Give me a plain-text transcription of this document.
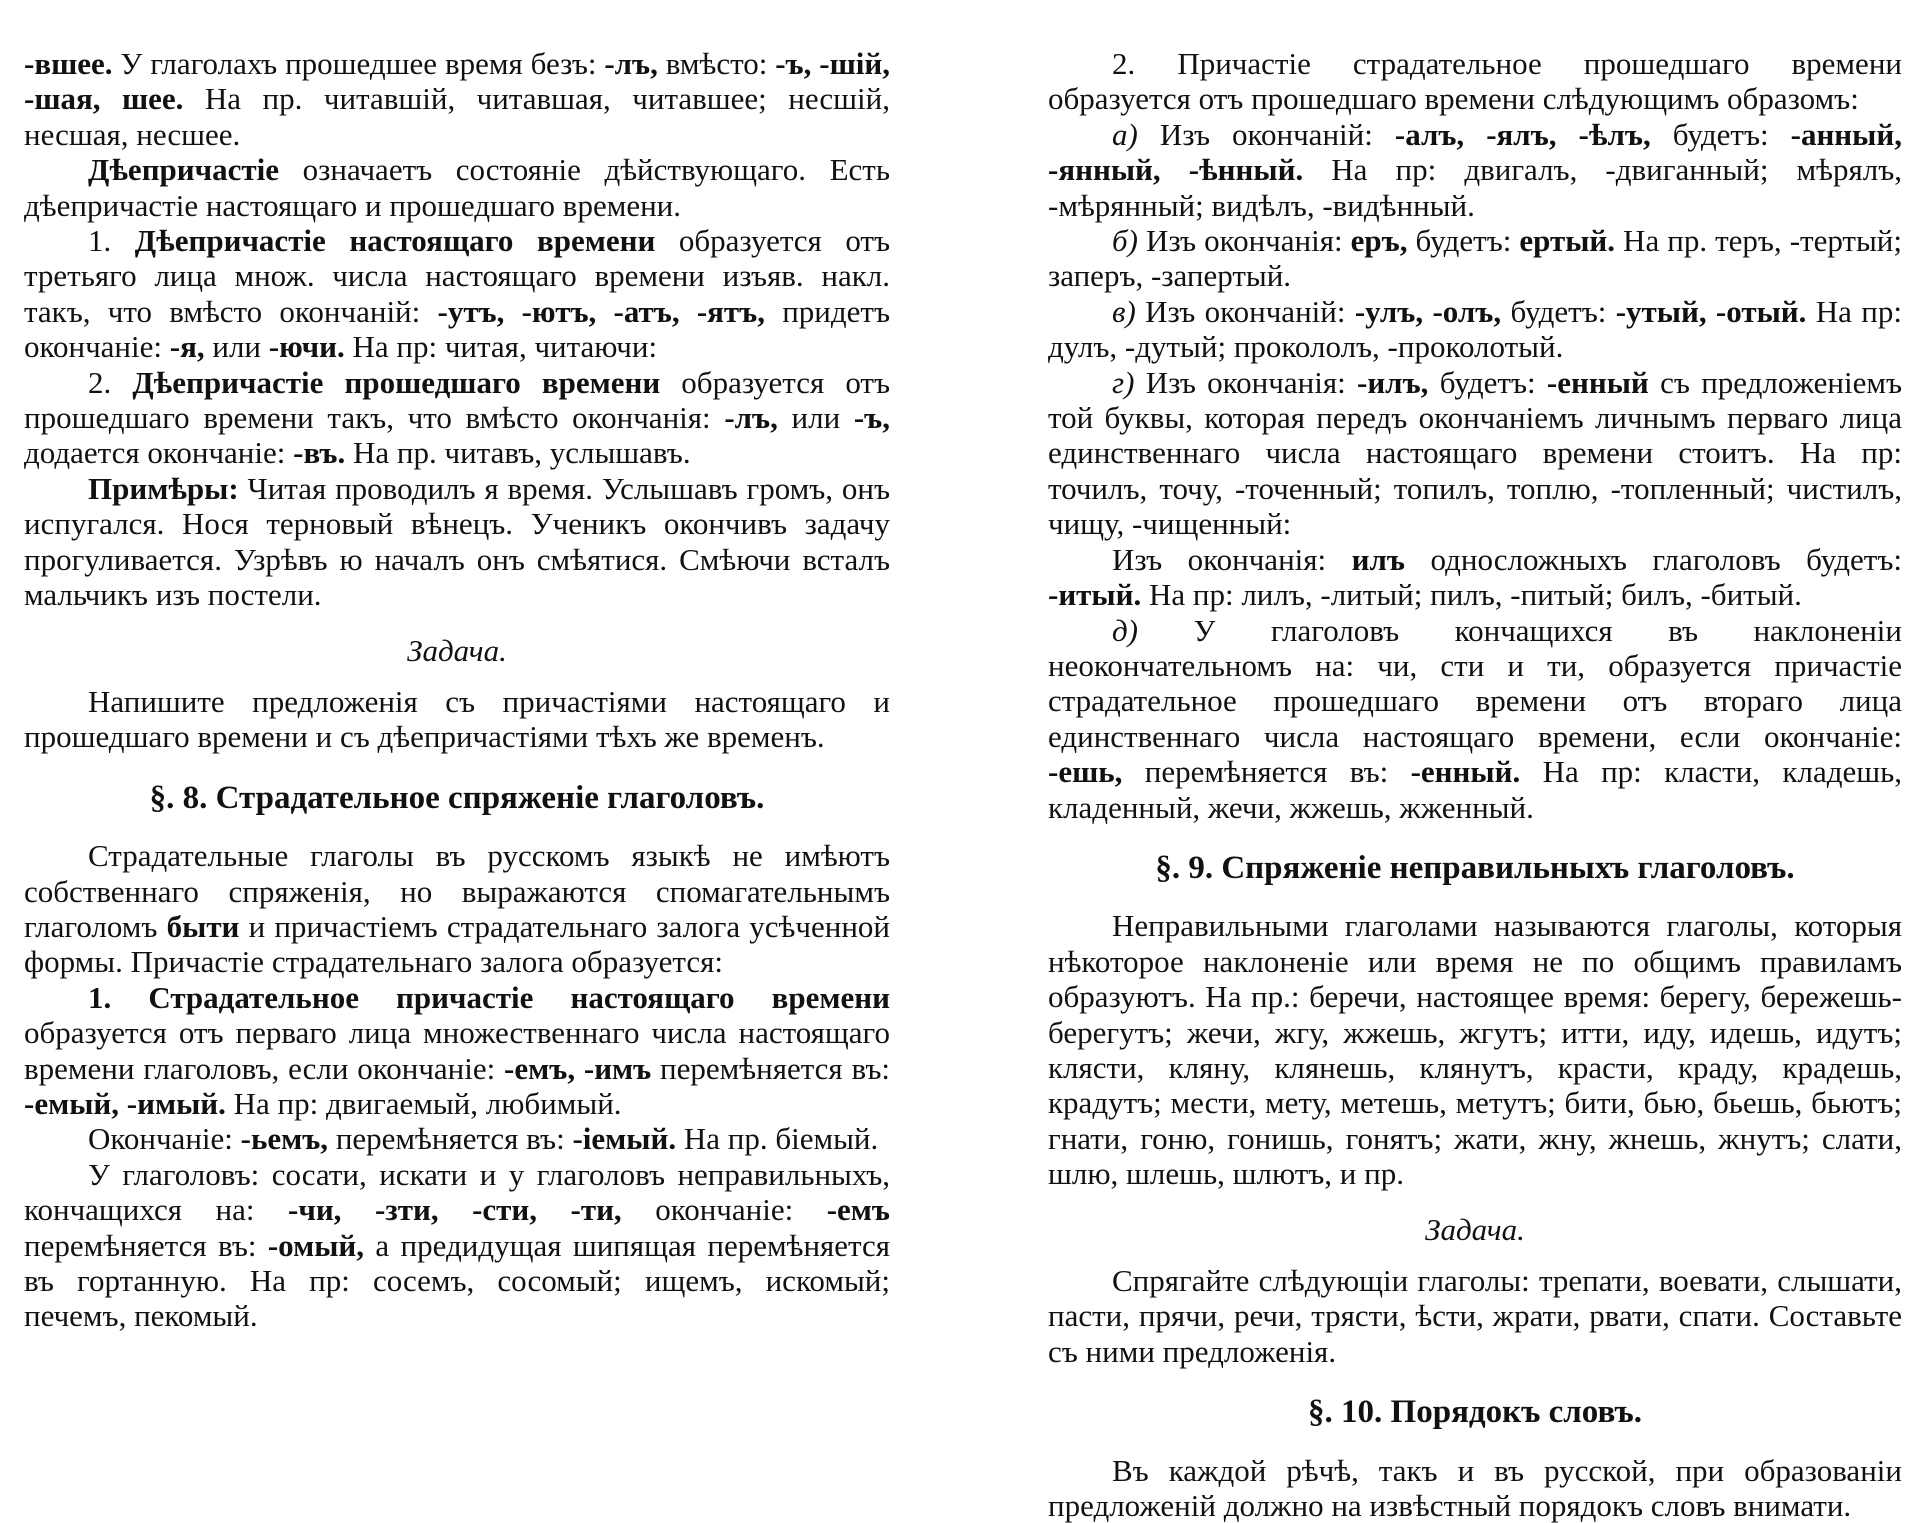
-вшее. У глаголахъ прошедшее время безъ: -лъ, вмѣсто: -ъ, -шій, -шая, шее. На пр. читавшій, читавшая, читавшее; несшій, несшая, несшее.

Дѣепричастіе означаетъ состояніе дѣйствующаго. Есть дѣепричастіе настоящаго и прошедшаго времени.

1. Дѣепричастіе настоящаго времени образуется отъ третьяго лица множ. числа настоящаго времени изъяв. накл. такъ, что вмѣсто окончаній: -утъ, -ютъ, -атъ, -ятъ, придетъ окончаніе: -я, или -ючи. На пр: читая, читаючи:

2. Дѣепричастіе прошедшаго времени образуется отъ прошедшаго времени такъ, что вмѣсто окончанія: -лъ, или -ъ, додается окончаніе: -въ. На пр. читавъ, услышавъ.

Примѣры: Читая проводилъ я время. Услышавъ громъ, онъ испугался. Нося терновый вѣнецъ. Ученикъ окончивъ задачу прогуливается. Узрѣвъ ю началъ онъ смѣятися. Смѣючи всталъ мальчикъ изъ постели.

Задача.

Напишите предложенія съ причастіями настоящаго и прошедшаго времени и съ дѣепричастіями тѣхъ же временъ.

§. 8. Страдательное спряженіе глаголовъ.

Страдательные глаголы въ русскомъ языкѣ не имѣютъ собственнаго спряженія, но выражаются спомагательнымъ глаголомъ быти и причастіемъ страдательнаго залога усѣченной формы. Причастіе страдательнаго залога образуется:

1. Страдательное причастіе настоящаго времени образуется отъ перваго лица множественнаго числа настоящаго времени глаголовъ, если окончаніе: -емъ, -имъ перемѣняется въ: -емый, -имый. На пр: двигаемый, любимый.

Окончаніе: -ьемъ, перемѣняется въ: -іемый. На пр. біемый.

У глаголовъ: сосати, искати и у глаголовъ неправильныхъ, кончащихся на: -чи, -зти, -сти, -ти, окончаніе: -емъ перемѣняется въ: -омый, а предидущая шипящая перемѣняется въ гортанную. На пр: сосемъ, сосомый; ищемъ, искомый; печемъ, пекомый.

2. Причастіе страдательное прошедшаго времени образуется отъ прошедшаго времени слѣдующимъ образомъ:

а) Изъ окончаній: -алъ, -ялъ, -ѣлъ, будетъ: -анный, -янный, -ѣнный. На пр: двигалъ, -двиганный; мѣрялъ, -мѣрянный; видѣлъ, -видѣнный.

б) Изъ окончанія: еръ, будетъ: ертый. На пр. теръ, -тертый; заперъ, -запертый.

в) Изъ окончаній: -улъ, -олъ, будетъ: -утый, -отый. На пр: дулъ, -дутый; прокололъ, -проколотый.

г) Изъ окончанія: -илъ, будетъ: -енный съ предложеніемъ той буквы, которая передъ окончаніемъ личнымъ перваго лица единственнаго числа настоящаго времени стоитъ. На пр: точилъ, точу, -точенный; топилъ, топлю, -топленный; чистилъ, чищу, -чищенный:

Изъ окончанія: илъ односложныхъ глаголовъ будетъ: -итый. На пр: лилъ, -литый; пилъ, -питый; билъ, -битый.

д) У глаголовъ кончащихся въ наклоненіи неокончательномъ на: чи, сти и ти, образуется причастіе страдательное прошедшаго времени отъ втораго лица единственнаго числа настоящаго времени, если окончаніе: -ешь, перемѣняется въ: -енный. На пр: класти, кладешь, кладенный, жечи, жжешь, жженный.

§. 9. Спряженіе неправильныхъ глаголовъ.

Неправильными глаголами называются глаголы, которыя нѣкоторое наклоненіе или время не по общимъ правиламъ образуютъ. На пр.: беречи, настоящее время: берегу, бережешь-берегутъ; жечи, жгу, жжешь, жгутъ; итти, иду, идешь, идутъ; клясти, кляну, клянешь, клянутъ, красти, краду, крадешь, крадутъ; мести, мету, метешь, метутъ; бити, бью, бьешь, бьютъ; гнати, гоню, гонишь, гонятъ; жати, жну, жнешь, жнутъ; слати, шлю, шлешь, шлютъ, и пр.

Задача.

Спрягайте слѣдующіи глаголы: трепати, воевати, слышати, пасти, прячи, речи, трясти, ѣсти, жрати, рвати, спати. Составьте съ ними предложенія.

§. 10. Порядокъ словъ.

Въ каждой рѣчѣ, такъ и въ русской, при образованіи предложеній должно на извѣстный порядокъ словъ внимати.
